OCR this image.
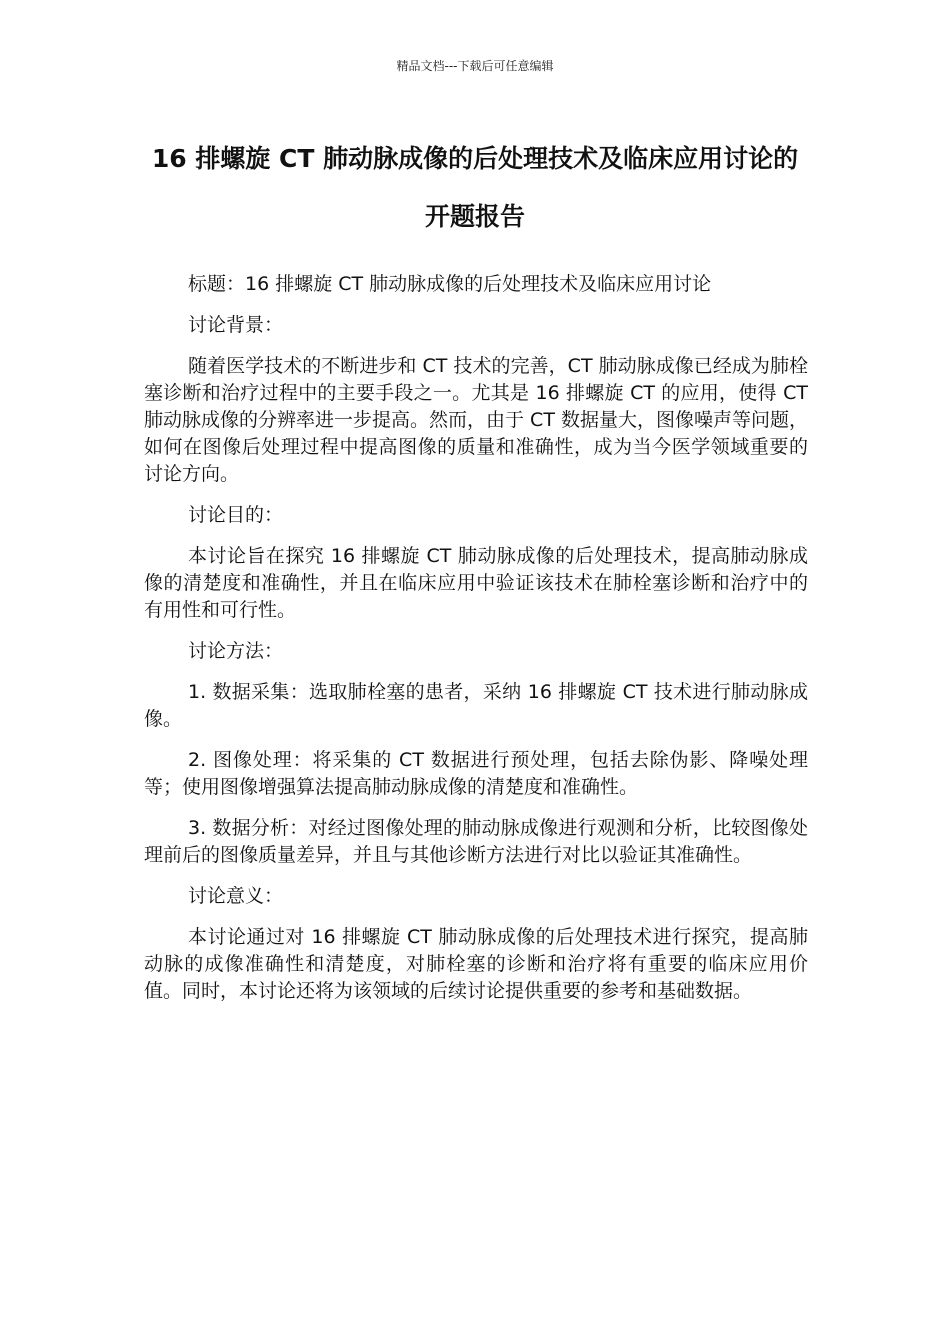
精品文档---下载后可任意编辑
16 排螺旋 CT 肺动脉成像的后处理技术及临床应用讨论的开题报告

标题：16 排螺旋 CT 肺动脉成像的后处理技术及临床应用讨论

讨论背景：

随着医学技术的不断进步和 CT 技术的完善，CT 肺动脉成像已经成为肺栓塞诊断和治疗过程中的主要手段之一。尤其是 16 排螺旋 CT 的应用，使得 CT 肺动脉成像的分辨率进一步提高。然而，由于 CT 数据量大，图像噪声等问题，如何在图像后处理过程中提高图像的质量和准确性，成为当今医学领域重要的讨论方向。

讨论目的：

本讨论旨在探究 16 排螺旋 CT 肺动脉成像的后处理技术，提高肺动脉成像的清楚度和准确性，并且在临床应用中验证该技术在肺栓塞诊断和治疗中的有用性和可行性。

讨论方法：

1. 数据采集：选取肺栓塞的患者，采纳 16 排螺旋 CT 技术进行肺动脉成像。

2. 图像处理：将采集的 CT 数据进行预处理，包括去除伪影、降噪处理等；使用图像增强算法提高肺动脉成像的清楚度和准确性。

3. 数据分析：对经过图像处理的肺动脉成像进行观测和分析，比较图像处理前后的图像质量差异，并且与其他诊断方法进行对比以验证其准确性。

讨论意义：

本讨论通过对 16 排螺旋 CT 肺动脉成像的后处理技术进行探究，提高肺动脉的成像准确性和清楚度，对肺栓塞的诊断和治疗将有重要的临床应用价值。同时，本讨论还将为该领域的后续讨论提供重要的参考和基础数据。
